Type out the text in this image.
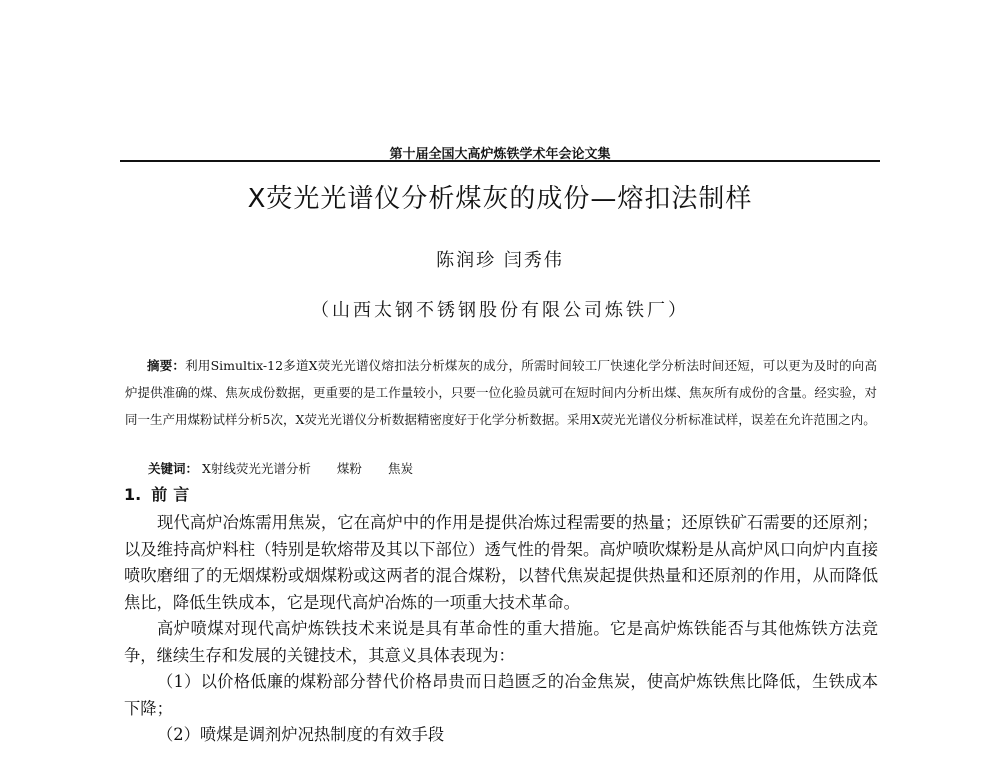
第十届全国大高炉炼铁学术年会论文集
X荧光光谱仪分析煤灰的成份—熔扣法制样
陈润珍 闫秀伟
（山西太钢不锈钢股份有限公司炼铁厂）

摘要：利用Simultix-12多道X荧光光谱仪熔扣法分析煤灰的成分，所需时间较工厂快速化学分析法时间还短，可以更为及时的向高炉提供准确的煤、焦灰成份数据，更重要的是工作量较小，只要一位化验员就可在短时间内分析出煤、焦灰所有成份的含量。经实验，对同一生产用煤粉试样分析5次，X荧光光谱仪分析数据精密度好于化学分析数据。采用X荧光光谱仪分析标准试样，误差在允许范围之内。

关键词： X射线荧光光谱分析 煤粉 焦炭
1. 前言

现代高炉冶炼需用焦炭，它在高炉中的作用是提供冶炼过程需要的热量；还原铁矿石需要的还原剂；以及维持高炉料柱（特别是软熔带及其以下部位）透气性的骨架。高炉喷吹煤粉是从高炉风口向炉内直接喷吹磨细了的无烟煤粉或烟煤粉或这两者的混合煤粉，以替代焦炭起提供热量和还原剂的作用，从而降低焦比，降低生铁成本，它是现代高炉冶炼的一项重大技术革命。

高炉喷煤对现代高炉炼铁技术来说是具有革命性的重大措施。它是高炉炼铁能否与其他炼铁方法竞争，继续生存和发展的关键技术，其意义具体表现为：

（1）以价格低廉的煤粉部分替代价格昂贵而日趋匮乏的冶金焦炭，使高炉炼铁焦比降低，生铁成本下降；

（2）喷煤是调剂炉况热制度的有效手段
